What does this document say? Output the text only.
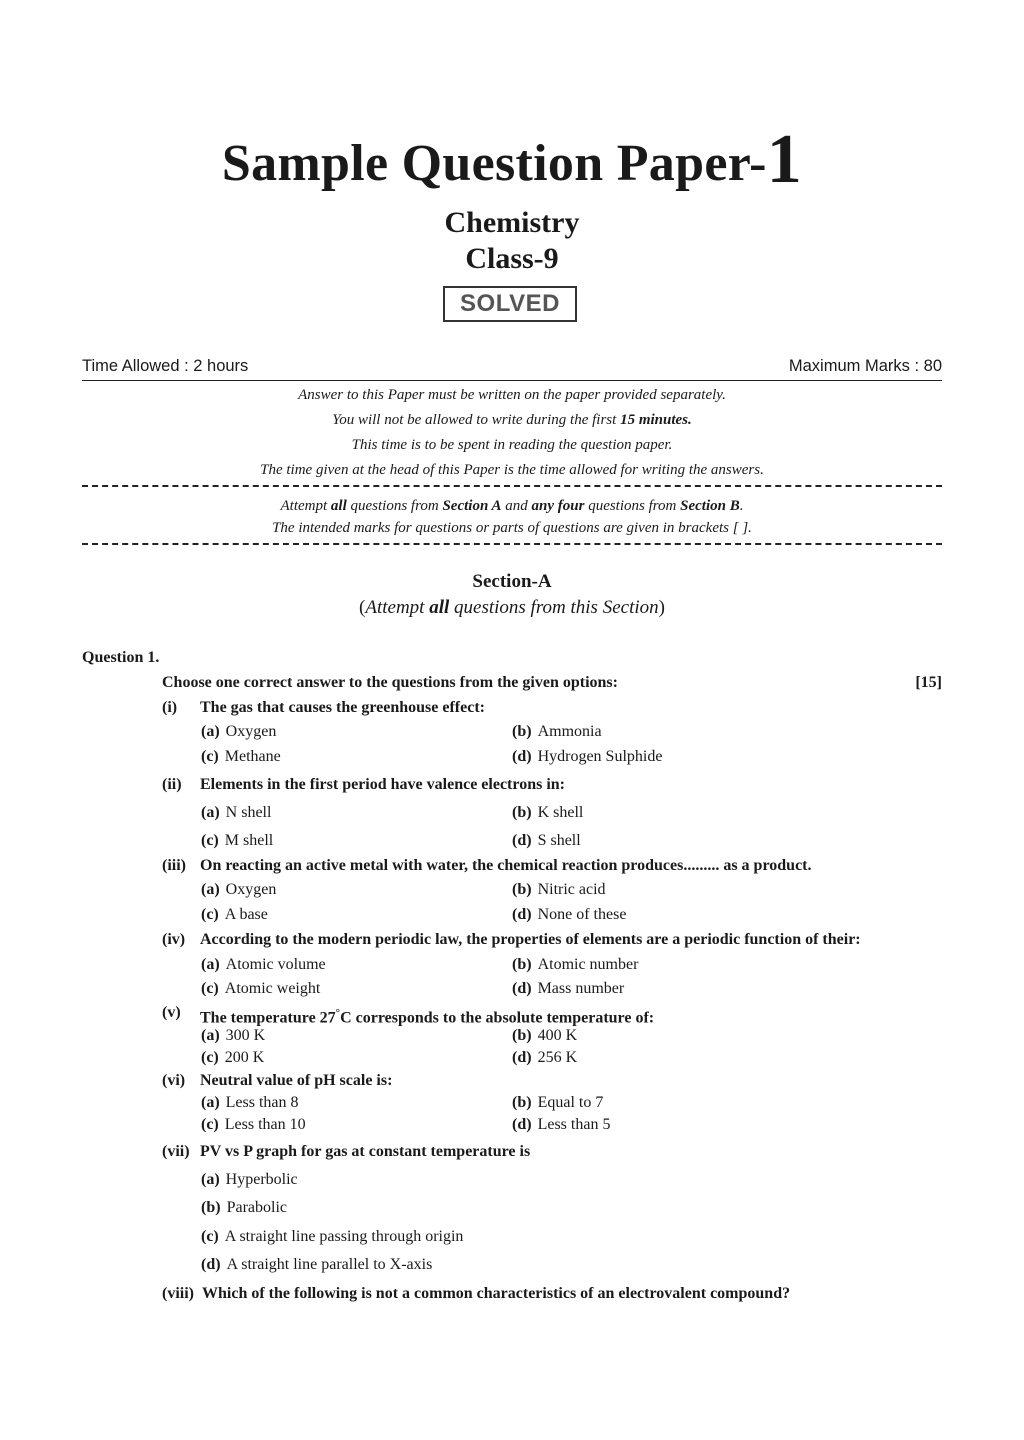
Sample Question Paper-1
Chemistry
Class-9
SOLVED
Time Allowed : 2 hours	Maximum Marks : 80
Answer to this Paper must be written on the paper provided separately.
You will not be allowed to write during the first 15 minutes.
This time is to be spent in reading the question paper.
The time given at the head of this Paper is the time allowed for writing the answers.
Attempt all questions from Section A and any four questions from Section B.
The intended marks for questions or parts of questions are given in brackets [ ].
Section-A
(Attempt all questions from this Section)
Question 1.
Choose one correct answer to the questions from the given options:	[15]
(i) The gas that causes the greenhouse effect:
(a) Oxygen	(b) Ammonia
(c) Methane	(d) Hydrogen Sulphide
(ii) Elements in the first period have valence electrons in:
(a) N shell	(b) K shell
(c) M shell	(d) S shell
(iii) On reacting an active metal with water, the chemical reaction produces......... as a product.
(a) Oxygen	(b) Nitric acid
(c) A base	(d) None of these
(iv) According to the modern periodic law, the properties of elements are a periodic function of their:
(a) Atomic volume	(b) Atomic number
(c) Atomic weight	(d) Mass number
(v) The temperature 27°C corresponds to the absolute temperature of:
(a) 300 K	(b) 400 K
(c) 200 K	(d) 256 K
(vi) Neutral value of pH scale is:
(a) Less than 8	(b) Equal to 7
(c) Less than 10	(d) Less than 5
(vii) PV vs P graph for gas at constant temperature is
(a) Hyperbolic
(b) Parabolic
(c) A straight line passing through origin
(d) A straight line parallel to X-axis
(viii) Which of the following is not a common characteristics of an electrovalent compound?
